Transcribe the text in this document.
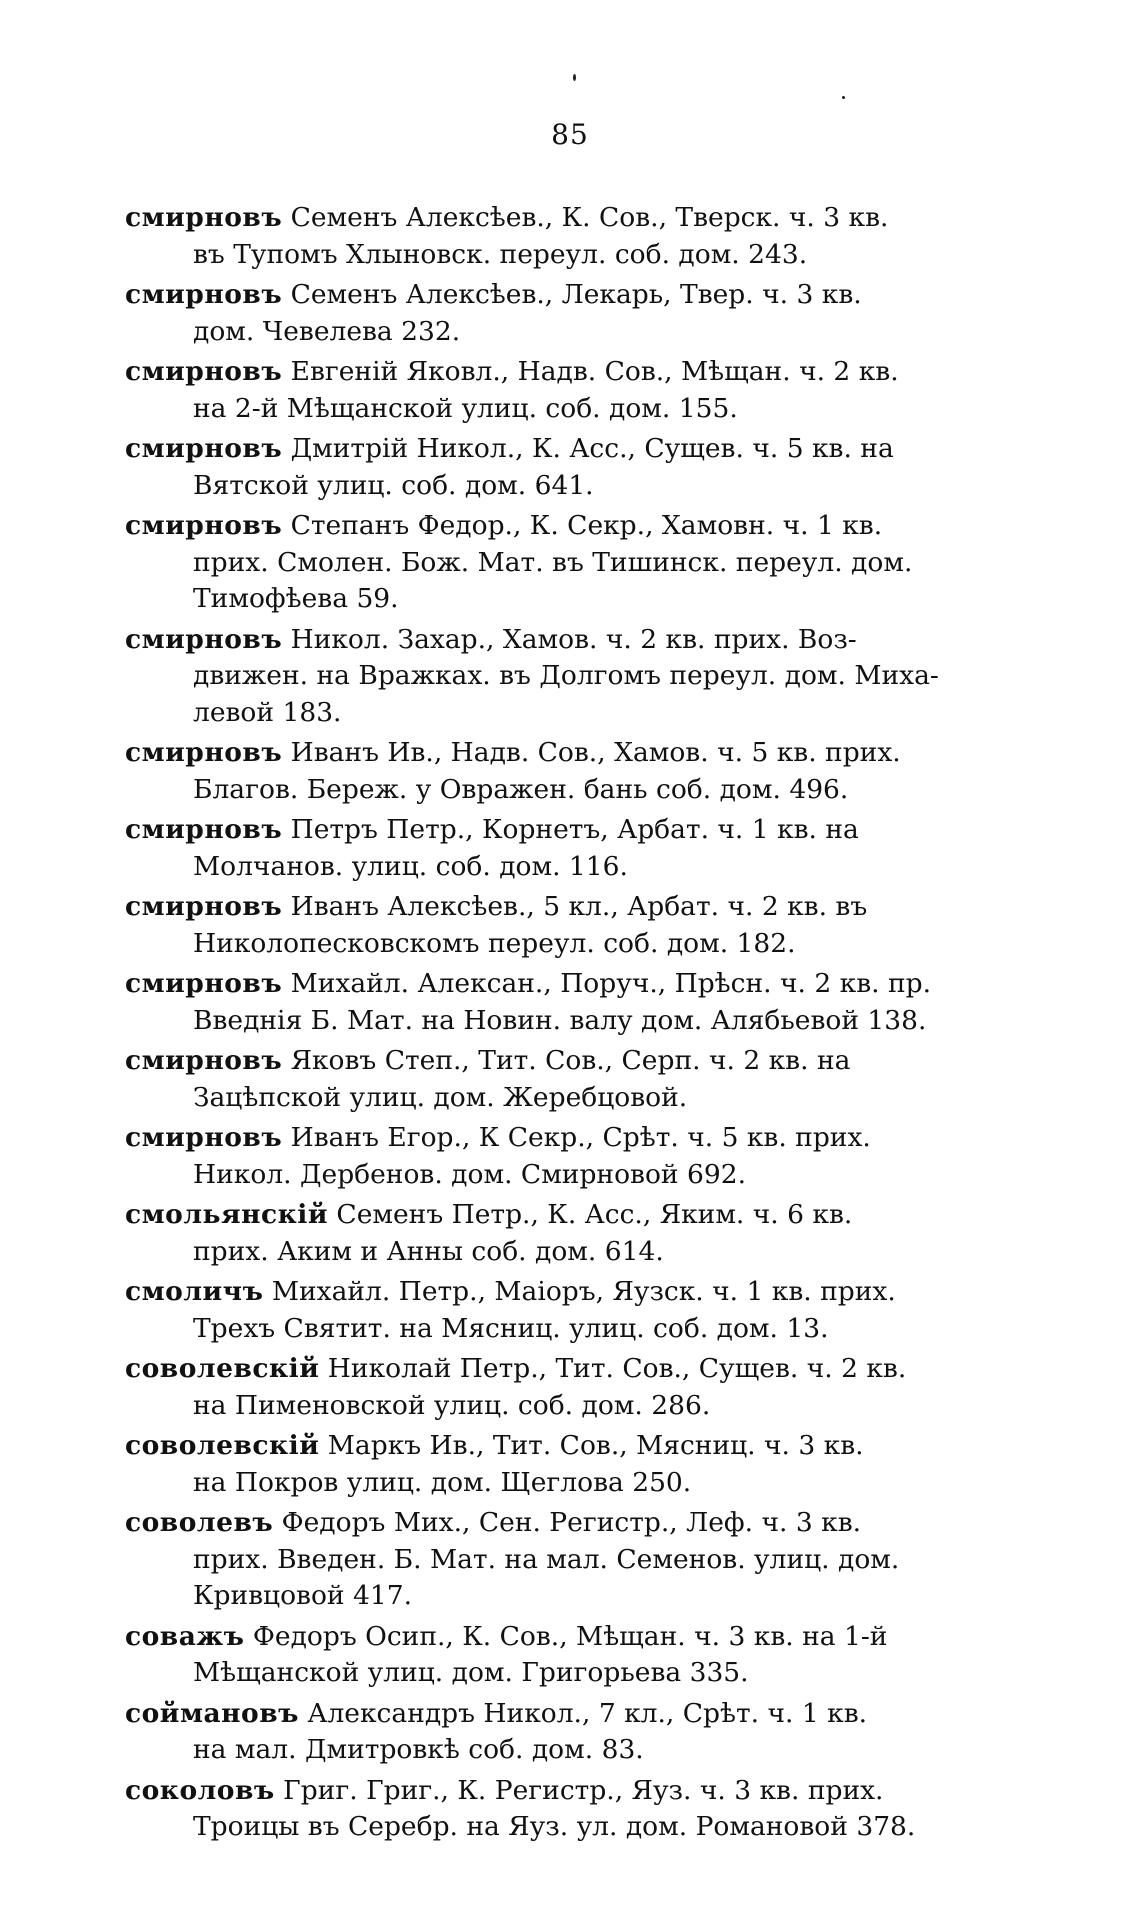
85
смирновъ Семенъ Алексѣев., К. Сов., Тверск. ч. 3 кв.
въ Тупомъ Хлыновск. переул. соб. дом. 243.
смирновъ Семенъ Алексѣев., Лекарь, Твер. ч. 3 кв.
дом. Чевелева 232.
смирновъ Евгеній Яковл., Надв. Сов., Мѣщан. ч. 2 кв.
на 2-й Мѣщанской улиц. соб. дом. 155.
смирновъ Дмитрій Никол., К. Асс., Сущев. ч. 5 кв. на
Вятской улиц. соб. дом. 641.
смирновъ Степанъ Федор., К. Секр., Хамовн. ч. 1 кв.
прих. Смолен. Бож. Мат. въ Тишинск. переул. дом.
Тимофѣева 59.
смирновъ Никол. Захар., Хамов. ч. 2 кв. прих. Воз-
движен. на Вражках. въ Долгомъ переул. дом. Миха-
левой 183.
смирновъ Иванъ Ив., Надв. Сов., Хамов. ч. 5 кв. прих.
Благов. Береж. у Овражен. бань соб. дом. 496.
смирновъ Петръ Петр., Корнетъ, Арбат. ч. 1 кв. на
Молчанов. улиц. соб. дом. 116.
смирновъ Иванъ Алексѣев., 5 кл., Арбат. ч. 2 кв. въ
Николопесковскомъ переул. соб. дом. 182.
смирновъ Михайл. Алексан., Поруч., Прѣсн. ч. 2 кв. пр.
Введнія Б. Мат. на Новин. валу дом. Алябьевой 138.
смирновъ Яковъ Степ., Тит. Сов., Серп. ч. 2 кв. на
Зацѣпской улиц. дом. Жеребцовой.
смирновъ Иванъ Егор., К Секр., Срѣт. ч. 5 кв. прих.
Никол. Дербенов. дом. Смирновой 692.
смольянскій Семенъ Петр., К. Асс., Яким. ч. 6 кв.
прих. Аким и Анны соб. дом. 614.
смоличъ Михайл. Петр., Маіоръ, Яузск. ч. 1 кв. прих.
Трехъ Святит. на Мясниц. улиц. соб. дом. 13.
соволевскій Николай Петр., Тит. Сов., Сущев. ч. 2 кв.
на Пименовской улиц. соб. дом. 286.
соволевскій Маркъ Ив., Тит. Сов., Мясниц. ч. 3 кв.
на Покров улиц. дом. Щеглова 250.
соволевъ Федоръ Мих., Сен. Регистр., Леф. ч. 3 кв.
прих. Введен. Б. Мат. на мал. Семенов. улиц. дом.
Кривцовой 417.
соважъ Федоръ Осип., К. Сов., Мѣщан. ч. 3 кв. на 1-й
Мѣщанской улиц. дом. Григорьева 335.
соймановъ Александръ Никол., 7 кл., Срѣт. ч. 1 кв.
на мал. Дмитровкѣ соб. дом. 83.
соколовъ Григ. Григ., К. Регистр., Яуз. ч. 3 кв. прих.
Троицы въ Серебр. на Яуз. ул. дом. Романовой 378.
